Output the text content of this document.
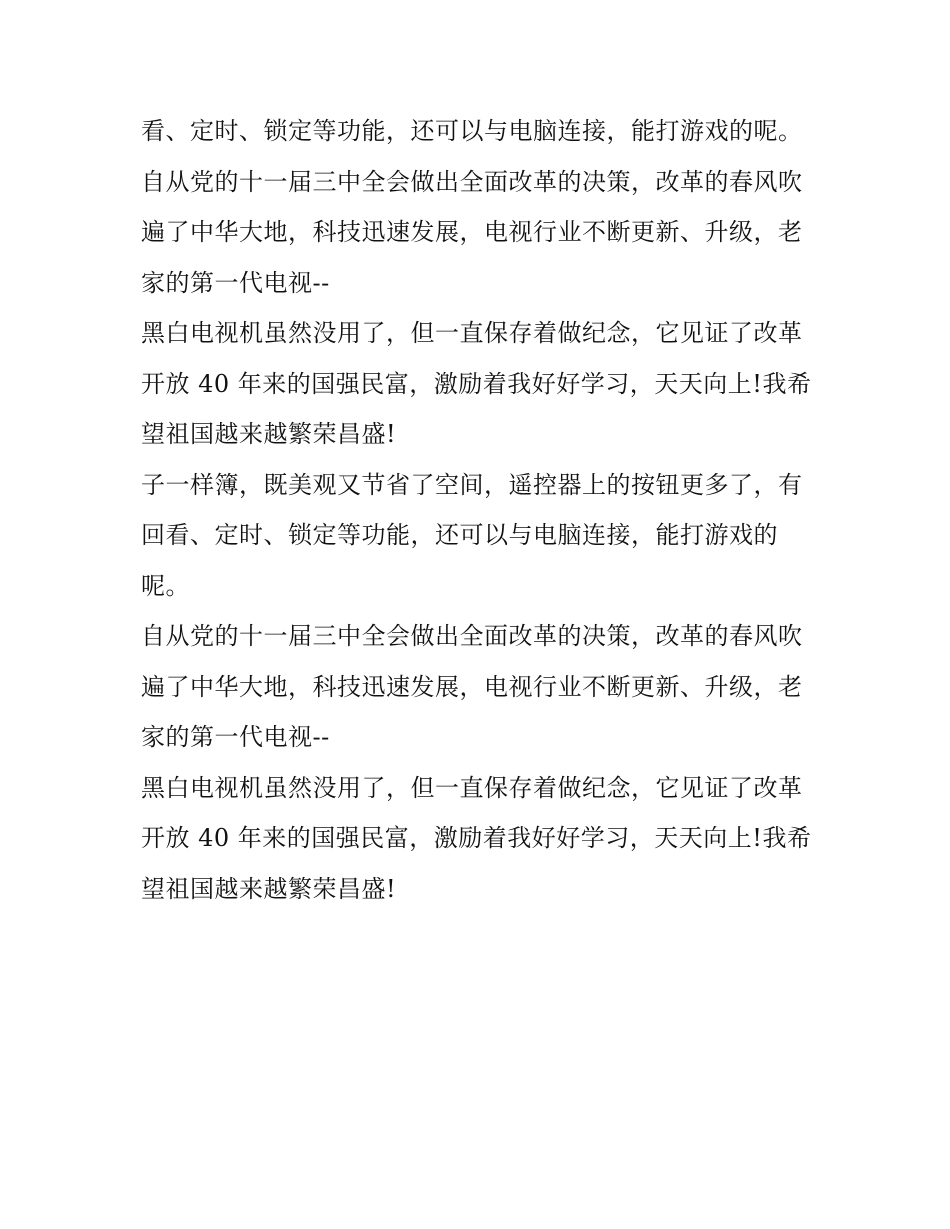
看、定时、锁定等功能，还可以与电脑连接，能打游戏的呢。
自从党的十一届三中全会做出全面改革的决策，改革的春风吹
遍了中华大地，科技迅速发展，电视行业不断更新、升级，老
家的第一代电视--
黑白电视机虽然没用了，但一直保存着做纪念，它见证了改革
开放 40 年来的国强民富，激励着我好好学习，天天向上!我希
望祖国越来越繁荣昌盛!
子一样簿，既美观又节省了空间，遥控器上的按钮更多了，有
回看、定时、锁定等功能，还可以与电脑连接，能打游戏的
呢。
自从党的十一届三中全会做出全面改革的决策，改革的春风吹
遍了中华大地，科技迅速发展，电视行业不断更新、升级，老
家的第一代电视--
黑白电视机虽然没用了，但一直保存着做纪念，它见证了改革
开放 40 年来的国强民富，激励着我好好学习，天天向上!我希
望祖国越来越繁荣昌盛!
